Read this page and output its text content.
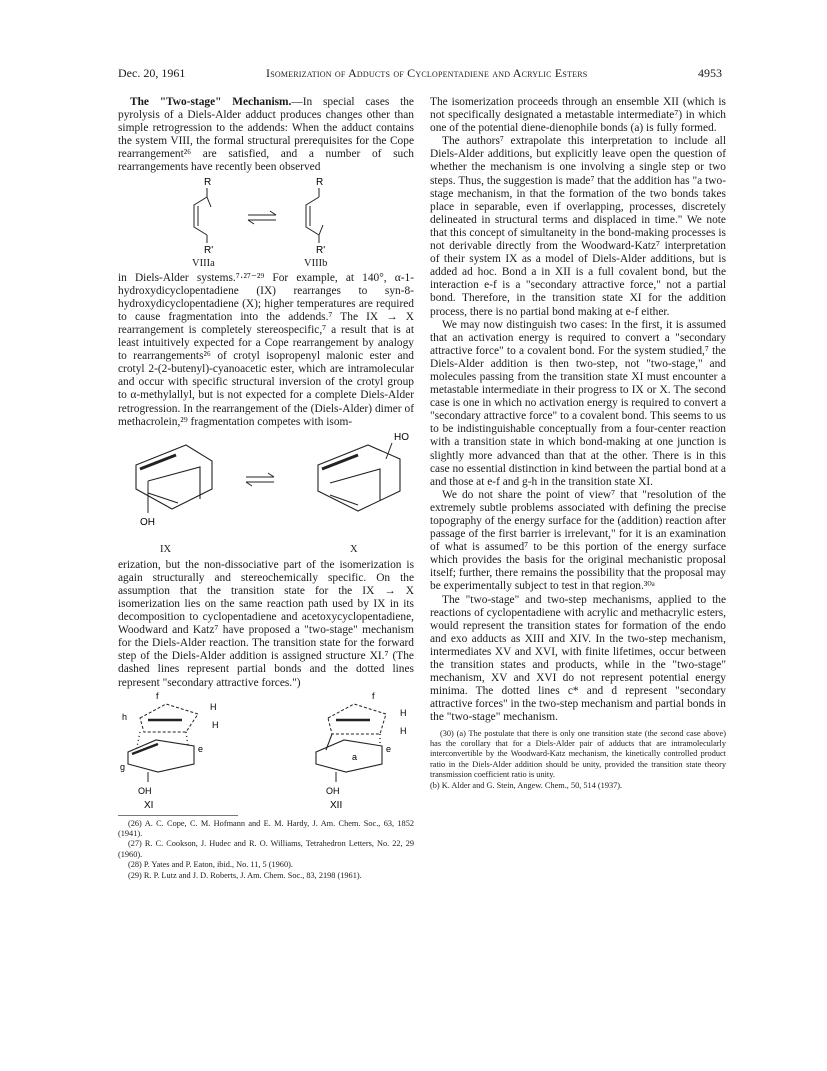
Dec. 20, 1961	Isomerization of Adducts of Cyclopentadiene and Acrylic Esters	4953

The "Two-stage" Mechanism.—In special cases the pyrolysis of a Diels-Alder adduct produces changes other than simple retrogression to the addends: When the adduct contains the system VIII, the formal structural prerequisites for the Cope rearrangement²⁶ are satisfied, and a number of such rearrangements have recently been observed

R
R'
R
R'
VIIIa	VIIIb

in Diels-Alder systems.⁷·²⁷⁻²⁹ For example, at 140°, α-1-hydroxydicyclopentadiene (IX) rearranges to syn-8-hydroxydicyclopentadiene (X); higher temperatures are required to cause fragmentation into the addends.⁷ The IX → X rearrangement is completely stereospecific,⁷ a result that is at least intuitively expected for a Cope rearrangement by analogy to rearrangements²⁶ of crotyl isopropenyl malonic ester and crotyl 2-(2-butenyl)-cyanoacetic ester, which are intramolecular and occur with specific structural inversion of the crotyl group to α-methylallyl, but is not expected for a complete Diels-Alder retrogression. In the rearrangement of the (Diels-Alder) dimer of methacrolein,²⁹ fragmentation competes with isom-

HO
OH
IX	X

erization, but the non-dissociative part of the isomerization is again structurally and stereochemically specific. On the assumption that the transition state for the IX → X isomerization lies on the same reaction path used by IX in its decomposition to cyclopentadiene and acetoxycyclopentadiene, Woodward and Katz⁷ have proposed a "two-stage" mechanism for the Diels-Alder reaction. The transition state for the forward step of the Diels-Alder addition is assigned structure XI.⁷ (The dashed lines represent partial bonds and the dotted lines represent "secondary attractive forces.")

f
h
H
H
e
g
OH
XI
f
H
H
a
e
OH
XII

(26) A. C. Cope, C. M. Hofmann and E. M. Hardy, J. Am. Chem. Soc., 63, 1852 (1941).

(27) R. C. Cookson, J. Hudec and R. O. Williams, Tetrahedron Letters, No. 22, 29 (1960).

(28) P. Yates and P. Eaton, ibid., No. 11, 5 (1960).

(29) R. P. Lutz and J. D. Roberts, J. Am. Chem. Soc., 83, 2198 (1961).

The isomerization proceeds through an ensemble XII (which is not specifically designated a metastable intermediate⁷) in which one of the potential diene-dienophile bonds (a) is fully formed.

The authors⁷ extrapolate this interpretation to include all Diels-Alder additions, but explicitly leave open the question of whether the mechanism is one involving a single step or two steps. Thus, the suggestion is made⁷ that the addition has "a two-stage mechanism, in that the formation of the two bonds takes place in separable, even if overlapping, processes, discretely delineated in structural terms and displaced in time." We note that this concept of simultaneity in the bond-making processes is not derivable directly from the Woodward-Katz⁷ interpretation of their system IX as a model of Diels-Alder additions, but is added ad hoc. Bond a in XII is a full covalent bond, but the interaction e-f is a "secondary attractive force," not a partial bond. Therefore, in the transition state XI for the addition process, there is no partial bond making at e-f either.

We may now distinguish two cases: In the first, it is assumed that an activation energy is required to convert a "secondary attractive force" to a covalent bond. For the system studied,⁷ the Diels-Alder addition is then two-step, not "two-stage," and molecules passing from the transition state XI must encounter a metastable intermediate in their progress to IX or X. The second case is one in which no activation energy is required to convert a "secondary attractive force" to a covalent bond. This seems to us to be indistinguishable conceptually from a four-center reaction with a transition state in which bond-making at one junction is slightly more advanced than that at the other. There is in this case no essential distinction in kind between the partial bond at a and those at e-f and g-h in the transition state XI.

We do not share the point of view⁷ that "resolution of the extremely subtle problems associated with defining the precise topography of the energy surface for the (addition) reaction after passage of the first barrier is irrelevant," for it is an examination of what is assumed⁷ to be this portion of the energy surface which provides the basis for the original mechanistic proposal itself; further, there remains the possibility that the proposal may be experimentally subject to test in that region.³⁰ᵃ

The "two-stage" and two-step mechanisms, applied to the reactions of cyclopentadiene with acrylic and methacrylic esters, would represent the transition states for formation of the endo and exo adducts as XIII and XIV. In the two-step mechanism, intermediates XV and XVI, with finite lifetimes, occur between the transition states and products, while in the "two-stage" mechanism, XV and XVI do not represent potential energy minima. The dotted lines c* and d represent "secondary attractive forces" in the two-step mechanism and partial bonds in the "two-stage" mechanism.

(30) (a) The postulate that there is only one transition state (the second case above) has the corollary that for a Diels-Alder pair of adducts that are intramolecularly interconvertible by the Woodward-Katz mechanism, the kinetically controlled product ratio in the Diels-Alder addition should be unity, provided the transition state theory transmission coefficient ratio is unity.

(b) K. Alder and G. Stein, Angew. Chem., 50, 514 (1937).
